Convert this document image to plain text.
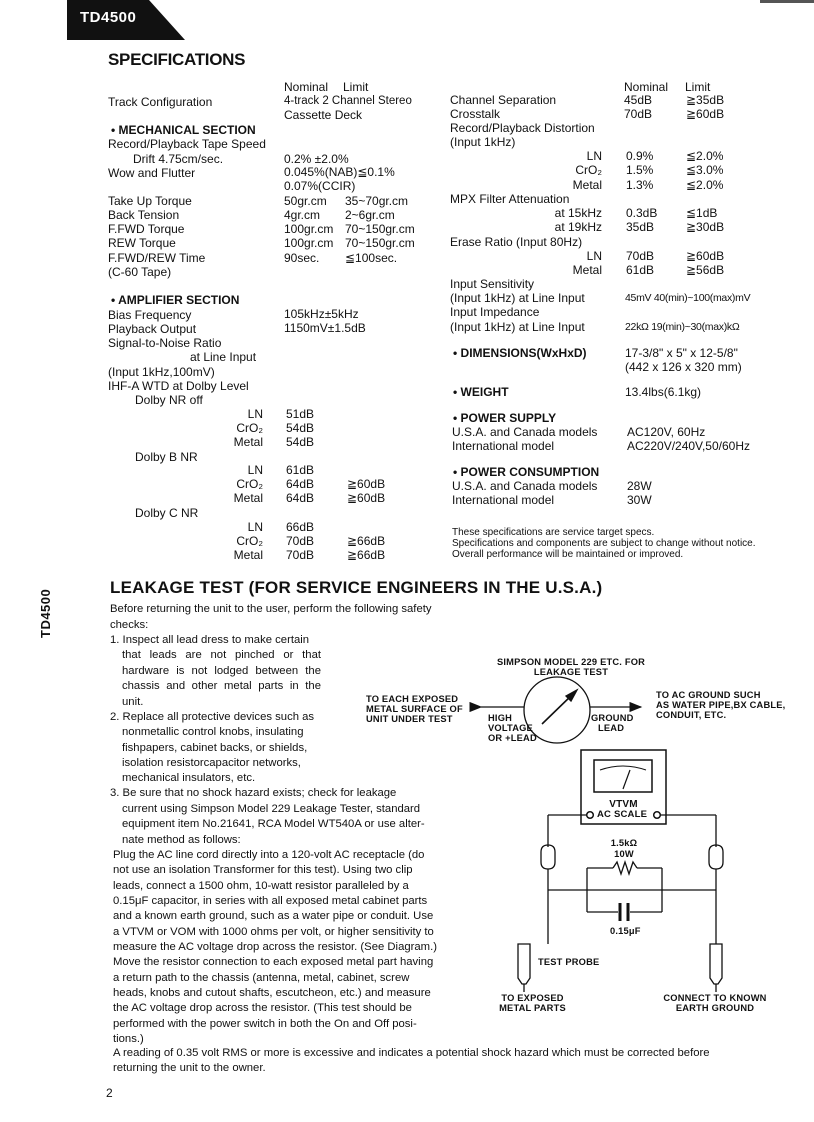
TD4500
SPECIFICATIONS
Nominal Limit
Track Configuration	4-track 2 Channel Stereo
Cassette Deck
• MECHANICAL SECTION
Record/Playback Tape Speed
Drift 4.75cm/sec.	0.2% ±2.0%
Wow and Flutter	0.045%(NAB)≦0.1%
0.07%(CCIR)
Take Up Torque	50gr.cm 35~70gr.cm
Back Tension	4gr.cm 2~6gr.cm
F.FWD Torque	100gr.cm 70~150gr.cm
REW Torque	100gr.cm 70~150gr.cm
F.FWD/REW Time	90sec. ≦100sec.
(C-60 Tape)
• AMPLIFIER SECTION
Bias Frequency	105kHz±5kHz
Playback Output	1150mV±1.5dB
Signal-to-Noise Ratio
at Line Input
(Input 1kHz,100mV)
IHF-A WTD at Dolby Level
Dolby NR off
LN 51dB
CrO₂ 54dB
Metal 54dB
Dolby B NR
LN 61dB
CrO₂ 64dB	≧60dB
Metal 64dB	≧60dB
Dolby C NR
LN 66dB
CrO₂ 70dB	≧66dB
Metal 70dB	≧66dB
Nominal Limit
Channel Separation	45dB	≧35dB
Crosstalk	70dB	≧60dB
Record/Playback Distortion
(Input 1kHz)
LN 0.9%	≦2.0%
CrO₂ 1.5%	≦3.0%
Metal 1.3%	≦2.0%
MPX Filter Attenuation
at 15kHz 0.3dB ≦1dB
at 19kHz 35dB	≧30dB
Erase Ratio (Input 80Hz)
LN 70dB	≧60dB
Metal 61dB	≧56dB
Input Sensitivity
(Input 1kHz) at Line Input	45mV 40(min)~100(max)mV
Input Impedance
(Input 1kHz) at Line Input	22kΩ 19(min)~30(max)kΩ
• DIMENSIONS(WxHxD)	17-3/8" x 5" x 12-5/8"
(442 x 126 x 320 mm)
• WEIGHT	13.4lbs(6.1kg)
• POWER SUPPLY
U.S.A. and Canada models AC120V, 60Hz
International model	AC220V/240V,50/60Hz
• POWER CONSUMPTION
U.S.A. and Canada models 28W
International model	30W
These specifications are service target specs.
Specifications and components are subject to change without notice.
Overall performance will be maintained or improved.
TD4500
LEAKAGE TEST (FOR SERVICE ENGINEERS IN THE U.S.A.)
Before returning the unit to the user, perform the following safety
checks:
1. Inspect all lead dress to make certain
that leads are not pinched or that
hardware is not lodged between the
chassis and other metal parts in the
unit.
2. Replace all protective devices such as
nonmetallic control knobs, insulating
fishpapers, cabinet backs, or shields,
isolation resistorcapacitor networks,
mechanical insulators, etc.
3. Be sure that no shock hazard exists; check for leakage
current using Simpson Model 229 Leakage Tester, standard
equipment item No.21641, RCA Model WT540A or use alter-
nate method as follows:
Plug the AC line cord directly into a 120-volt AC receptacle (do
not use an isolation Transformer for this test). Using two clip
leads, connect a 1500 ohm, 10-watt resistor paralleled by a
0.15μF capacitor, in series with all exposed metal cabinet parts
and a known earth ground, such as a water pipe or conduit. Use
a VTVM or VOM with 1000 ohms per volt, or higher sensitivity to
measure the AC voltage drop across the resistor. (See Diagram.)
Move the resistor connection to each exposed metal part having
a return path to the chassis (antenna, metal, cabinet, screw
heads, knobs and cutout shafts, escutcheon, etc.) and measure
the AC voltage drop across the resistor. (This test should be
performed with the power switch in both the On and Off posi-
tions.)
A reading of 0.35 volt RMS or more is excessive and indicates a potential shock hazard which must be corrected before
returning the unit to the owner.
SIMPSON MODEL 229 ETC. FOR
LEAKAGE TEST
TO EACH EXPOSED
METAL SURFACE OF
UNIT UNDER TEST
TO AC GROUND SUCH
AS WATER PIPE,BX CABLE,
CONDUIT, ETC.
HIGH
VOLTAGE
OR +LEAD
GROUND
LEAD
VTVM
AC SCALE
1.5kΩ
10W
0.15μF
TEST PROBE
TO EXPOSED
METAL PARTS
CONNECT TO KNOWN
EARTH GROUND
2
